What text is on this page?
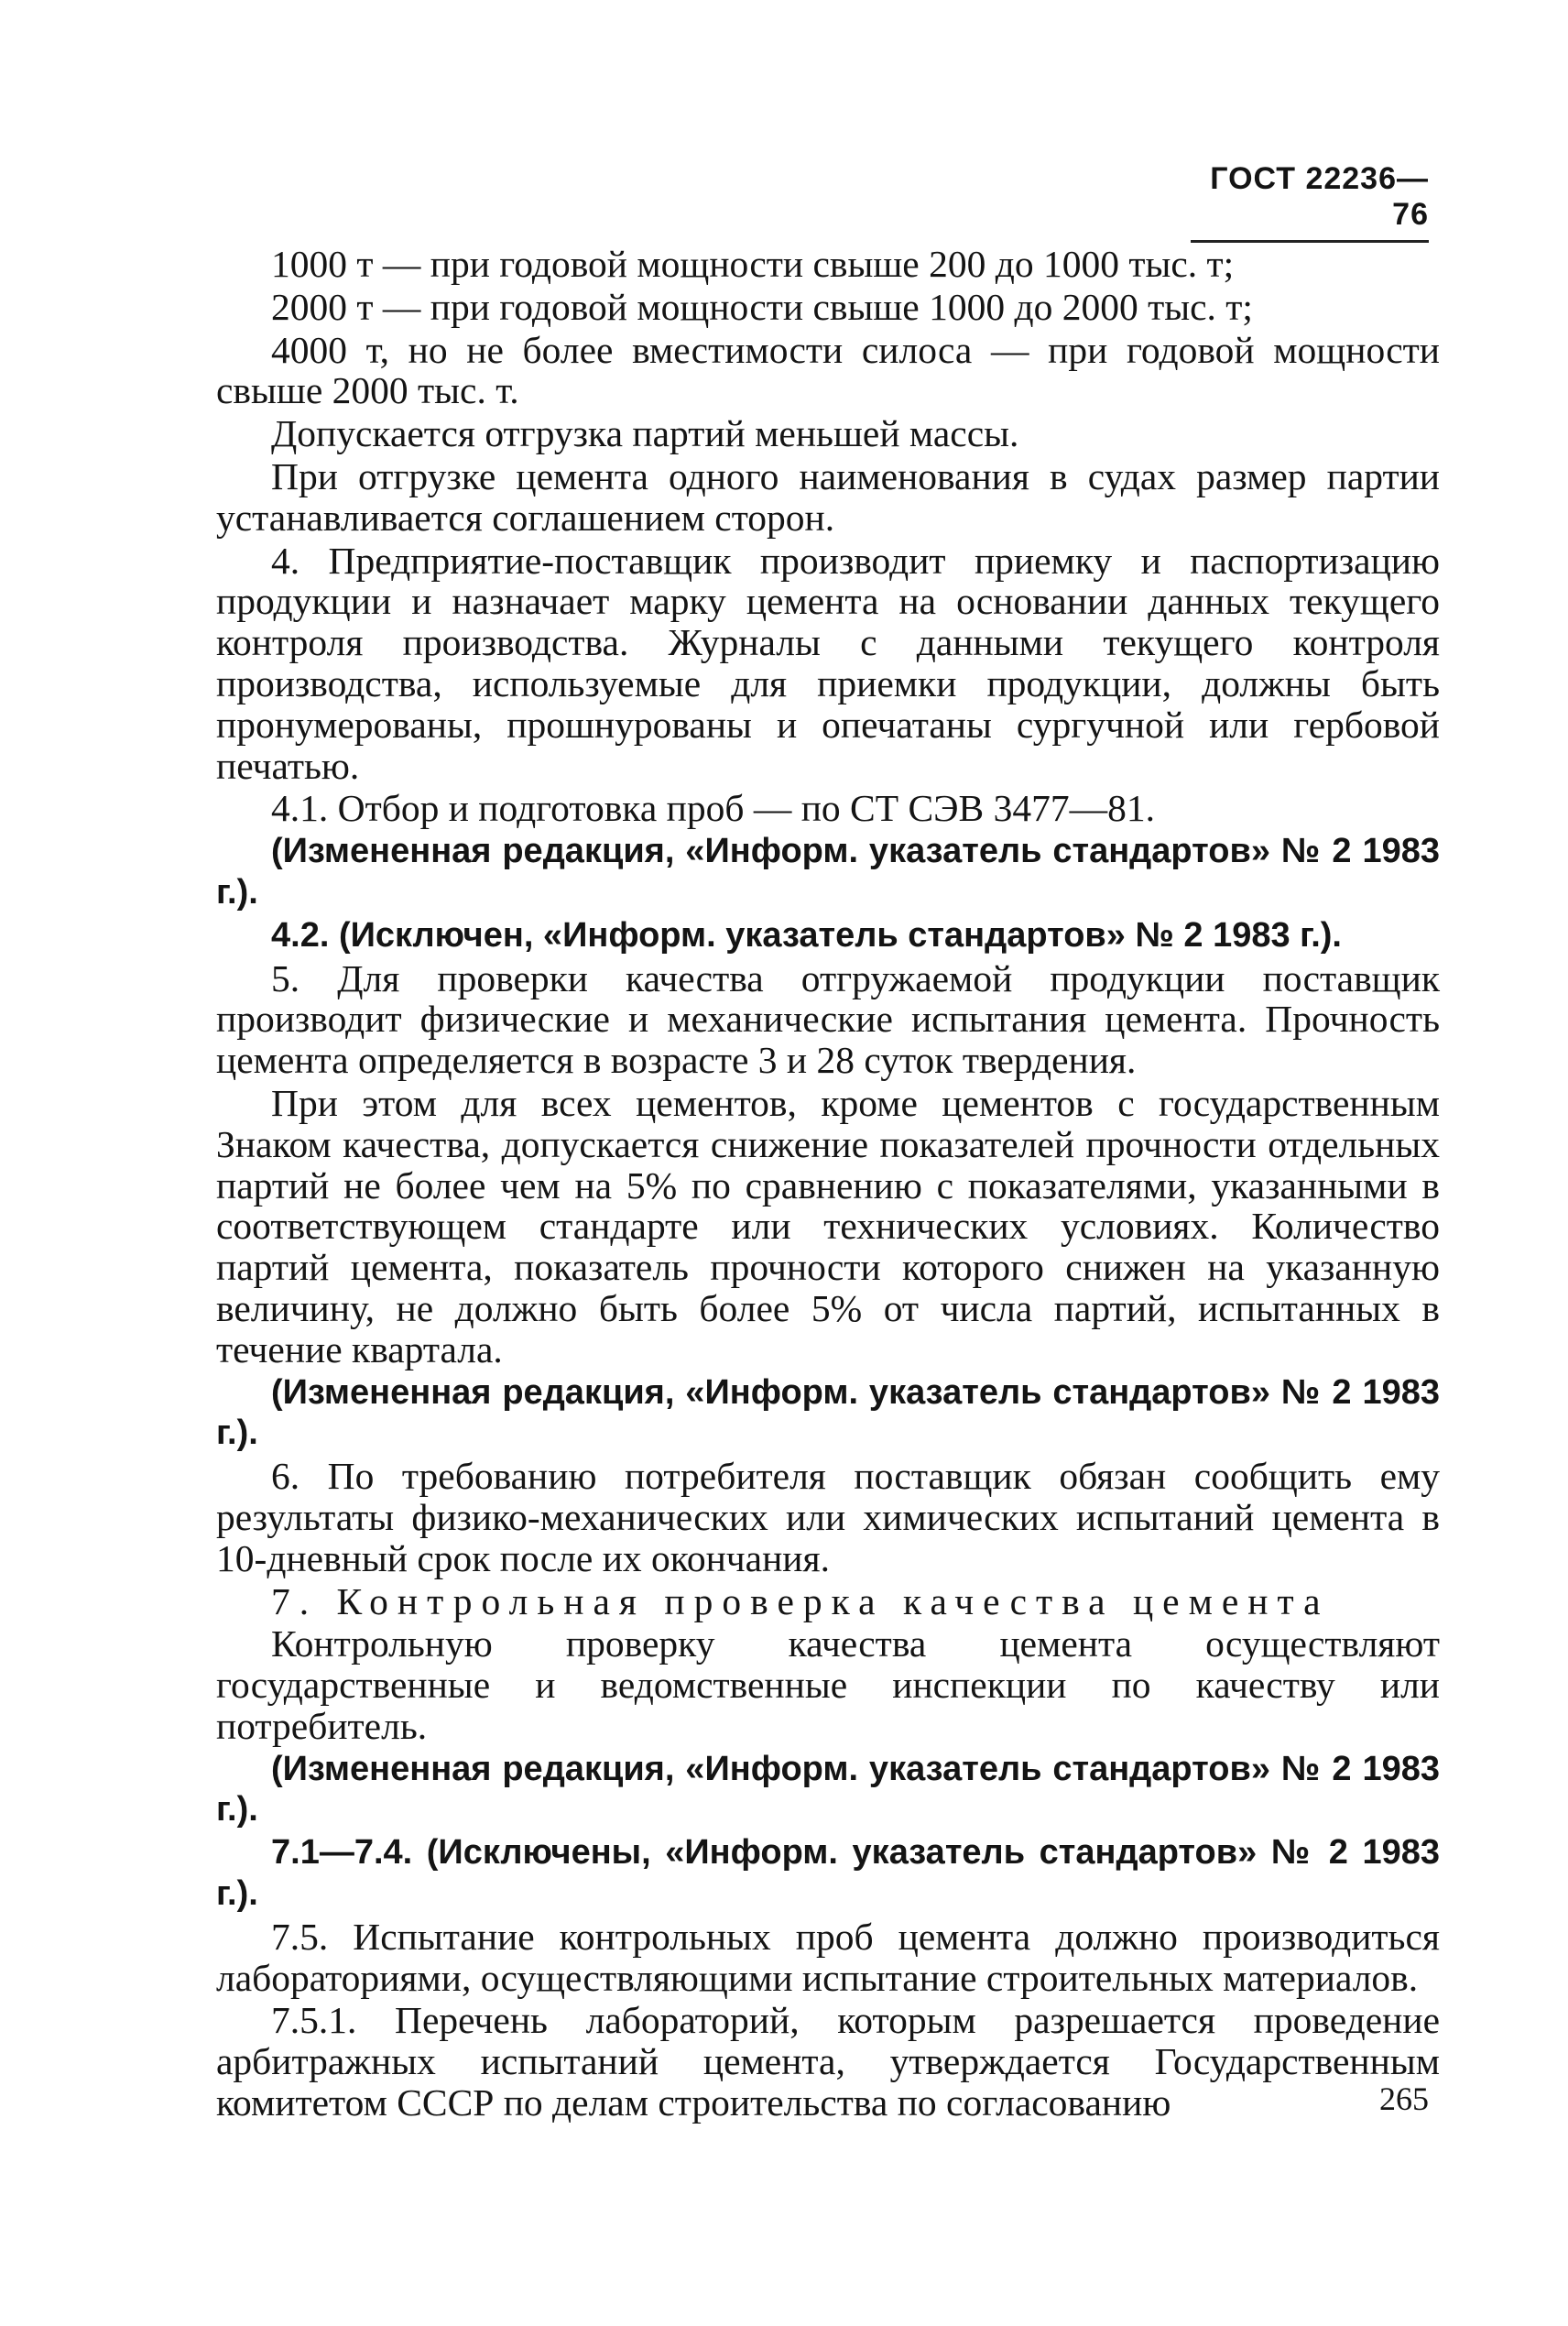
ГОСТ 22236—76
1000 т — при годовой мощности свыше 200 до 1000 тыс. т;
2000 т — при годовой мощности свыше 1000 до 2000 тыс. т;
4000 т, но не более вместимости силоса — при годовой мощности свыше 2000 тыс. т.
Допускается отгрузка партий меньшей массы.
При отгрузке цемента одного наименования в судах размер партии устанавливается соглашением сторон.
4. Предприятие-поставщик производит приемку и паспортизацию продукции и назначает марку цемента на основании данных текущего контроля производства. Журналы с данными текущего контроля производства, используемые для приемки продукции, должны быть пронумерованы, прошнурованы и опечатаны сургучной или гербовой печатью.
4.1. Отбор и подготовка проб — по СТ СЭВ 3477—81.
(Измененная редакция, «Информ. указатель стандартов» № 2 1983 г.).
4.2. (Исключен, «Информ. указатель стандартов» № 2 1983 г.).
5. Для проверки качества отгружаемой продукции поставщик производит физические и механические испытания цемента. Прочность цемента определяется в возрасте 3 и 28 суток твердения.
При этом для всех цементов, кроме цементов с государственным Знаком качества, допускается снижение показателей прочности отдельных партий не более чем на 5% по сравнению с показателями, указанными в соответствующем стандарте или технических условиях. Количество партий цемента, показатель прочности которого снижен на указанную величину, не должно быть более 5% от числа партий, испытанных в течение квартала.
(Измененная редакция, «Информ. указатель стандартов» № 2 1983 г.).
6. По требованию потребителя поставщик обязан сообщить ему результаты физико-механических или химических испытаний цемента в 10-дневный срок после их окончания.
7. Контрольная проверка качества цемента
Контрольную проверку качества цемента осуществляют государственные и ведомственные инспекции по качеству или потребитель.
(Измененная редакция, «Информ. указатель стандартов» № 2 1983 г.).
7.1—7.4. (Исключены, «Информ. указатель стандартов» № 2 1983 г.).
7.5. Испытание контрольных проб цемента должно производиться лабораториями, осуществляющими испытание строительных материалов.
7.5.1. Перечень лабораторий, которым разрешается проведение арбитражных испытаний цемента, утверждается Государственным комитетом СССР по делам строительства по согласованию	265
